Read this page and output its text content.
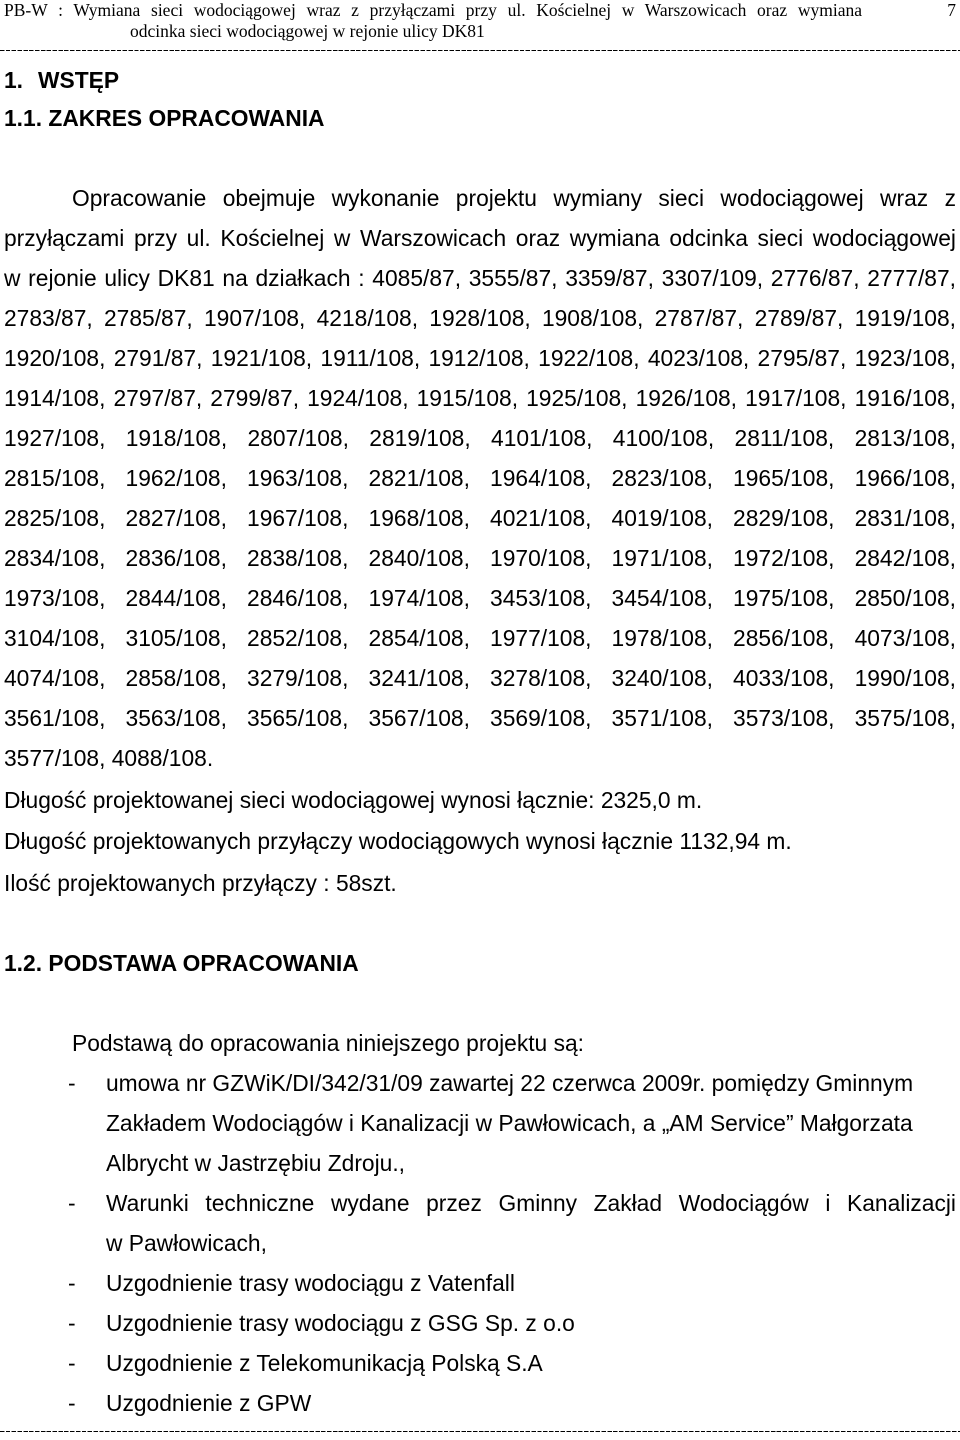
PB-W : Wymiana sieci wodociągowej wraz z przyłączami przy ul. Kościelnej w Warszowicach oraz wymiana
odcinka sieci wodociągowej w rejonie ulicy DK81
7
1. WSTĘP
1.1. ZAKRES OPRACOWANIA
Opracowanie obejmuje wykonanie projektu wymiany sieci wodociągowej wraz z
przyłączami przy ul. Kościelnej w Warszowicach oraz wymiana odcinka sieci wodociągowej
w rejonie ulicy DK81 na działkach : 4085/87, 3555/87, 3359/87, 3307/109, 2776/87, 2777/87,
2783/87, 2785/87, 1907/108, 4218/108, 1928/108, 1908/108, 2787/87, 2789/87, 1919/108,
1920/108, 2791/87, 1921/108, 1911/108, 1912/108, 1922/108, 4023/108, 2795/87, 1923/108,
1914/108, 2797/87, 2799/87, 1924/108, 1915/108, 1925/108, 1926/108, 1917/108, 1916/108,
1927/108, 1918/108, 2807/108, 2819/108, 4101/108, 4100/108, 2811/108, 2813/108,
2815/108, 1962/108, 1963/108, 2821/108, 1964/108, 2823/108, 1965/108, 1966/108,
2825/108, 2827/108, 1967/108, 1968/108, 4021/108, 4019/108, 2829/108, 2831/108,
2834/108, 2836/108, 2838/108, 2840/108, 1970/108, 1971/108, 1972/108, 2842/108,
1973/108, 2844/108, 2846/108, 1974/108, 3453/108, 3454/108, 1975/108, 2850/108,
3104/108, 3105/108, 2852/108, 2854/108, 1977/108, 1978/108, 2856/108, 4073/108,
4074/108, 2858/108, 3279/108, 3241/108, 3278/108, 3240/108, 4033/108, 1990/108,
3561/108, 3563/108, 3565/108, 3567/108, 3569/108, 3571/108, 3573/108, 3575/108,
3577/108, 4088/108.
Długość projektowanej sieci wodociągowej wynosi łącznie: 2325,0 m.
Długość projektowanych przyłączy wodociągowych wynosi łącznie 1132,94 m.
Ilość projektowanych przyłączy : 58szt.
1.2. PODSTAWA OPRACOWANIA
Podstawą do opracowania niniejszego projektu są:
-	umowa nr GZWiK/DI/342/31/09 zawartej 22 czerwca 2009r. pomiędzy Gminnym
Zakładem Wodociągów i Kanalizacji w Pawłowicach, a „AM Service” Małgorzata
Albrycht w Jastrzębiu Zdroju.,
-	Warunki techniczne wydane przez Gminny Zakład Wodociągów i Kanalizacji
w Pawłowicach,
-	Uzgodnienie trasy wodociągu z Vatenfall
-	Uzgodnienie trasy wodociągu z GSG Sp. z o.o
-	Uzgodnienie z Telekomunikacją Polską S.A
-	Uzgodnienie z GPW
